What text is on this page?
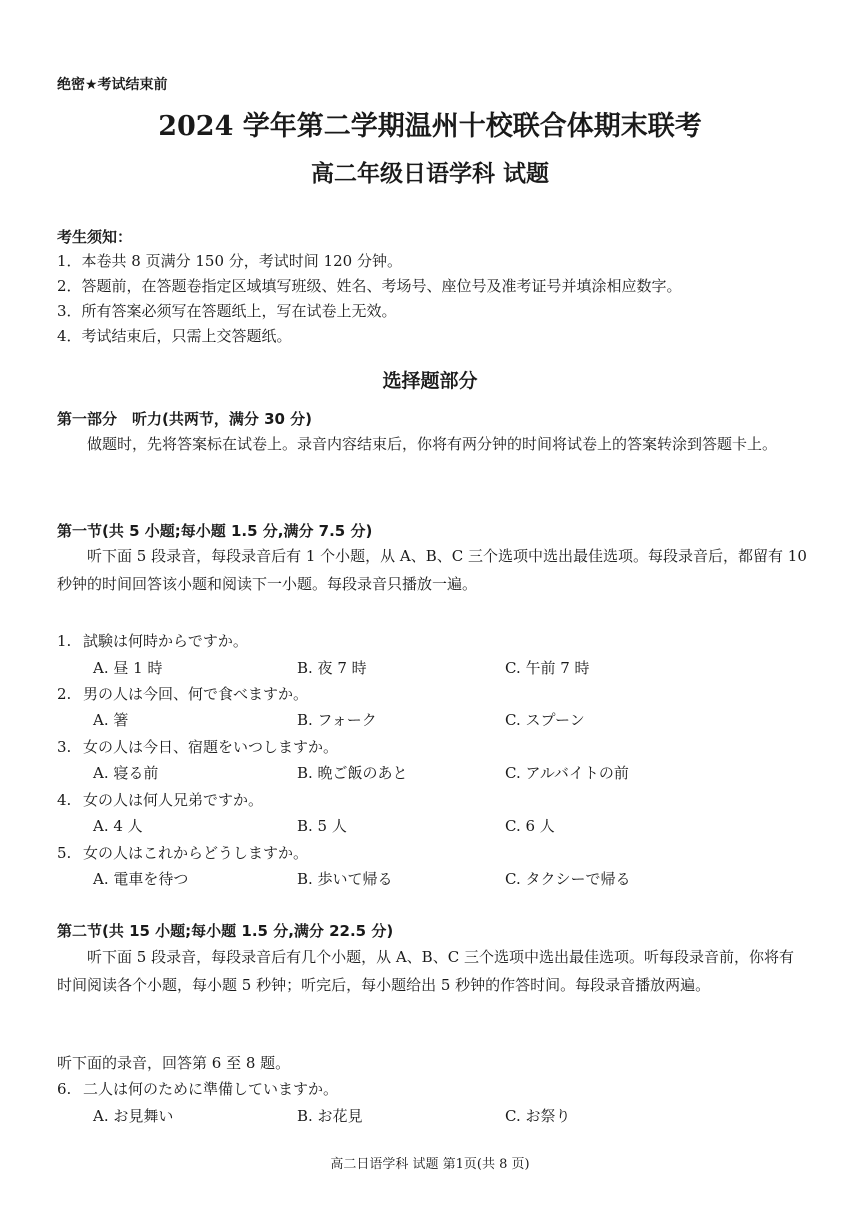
绝密★考试结束前
2024 学年第二学期温州十校联合体期末联考
高二年级日语学科 试题
考生须知：
1．本卷共 8 页满分 150 分，考试时间 120 分钟。
2．答题前，在答题卷指定区域填写班级、姓名、考场号、座位号及准考证号并填涂相应数字。
3．所有答案必须写在答题纸上，写在试卷上无效。
4．考试结束后，只需上交答题纸。
选择题部分
第一部分　听力(共两节，满分 30 分)
做题时，先将答案标在试卷上。录音内容结束后，你将有两分钟的时间将试卷上的答案转涂到答题卡上。
第一节(共 5 小题;每小题 1.5 分,满分 7.5 分)
听下面 5 段录音，每段录音后有 1 个小题，从 A、B、C 三个选项中选出最佳选项。每段录音后，都留有 10 秒钟的时间回答该小题和阅读下一小题。每段录音只播放一遍。
1. 試験は何時からですか。
A. 昼 1 時	B. 夜 7 時	C. 午前 7 時
2. 男の人は今回、何で食べますか。
A. 箸	B. フォーク	C. スプーン
3. 女の人は今日、宿題をいつしますか。
A. 寝る前	B. 晩ご飯のあと	C. アルバイトの前
4. 女の人は何人兄弟ですか。
A. 4 人	B. 5 人	C. 6 人
5. 女の人はこれからどうしますか。
A. 電車を待つ	B. 歩いて帰る	C. タクシーで帰る
第二节(共 15 小题;每小题 1.5 分,满分 22.5 分)
听下面 5 段录音，每段录音后有几个小题，从 A、B、C 三个选项中选出最佳选项。听每段录音前，你将有时间阅读各个小题，每小题 5 秒钟；听完后，每小题给出 5 秒钟的作答时间。每段录音播放两遍。
听下面的录音，回答第 6 至 8 题。
6. 二人は何のために準備していますか。
A. お見舞い	B. お花見	C. お祭り
高二日语学科 试题 第1页(共 8 页)
